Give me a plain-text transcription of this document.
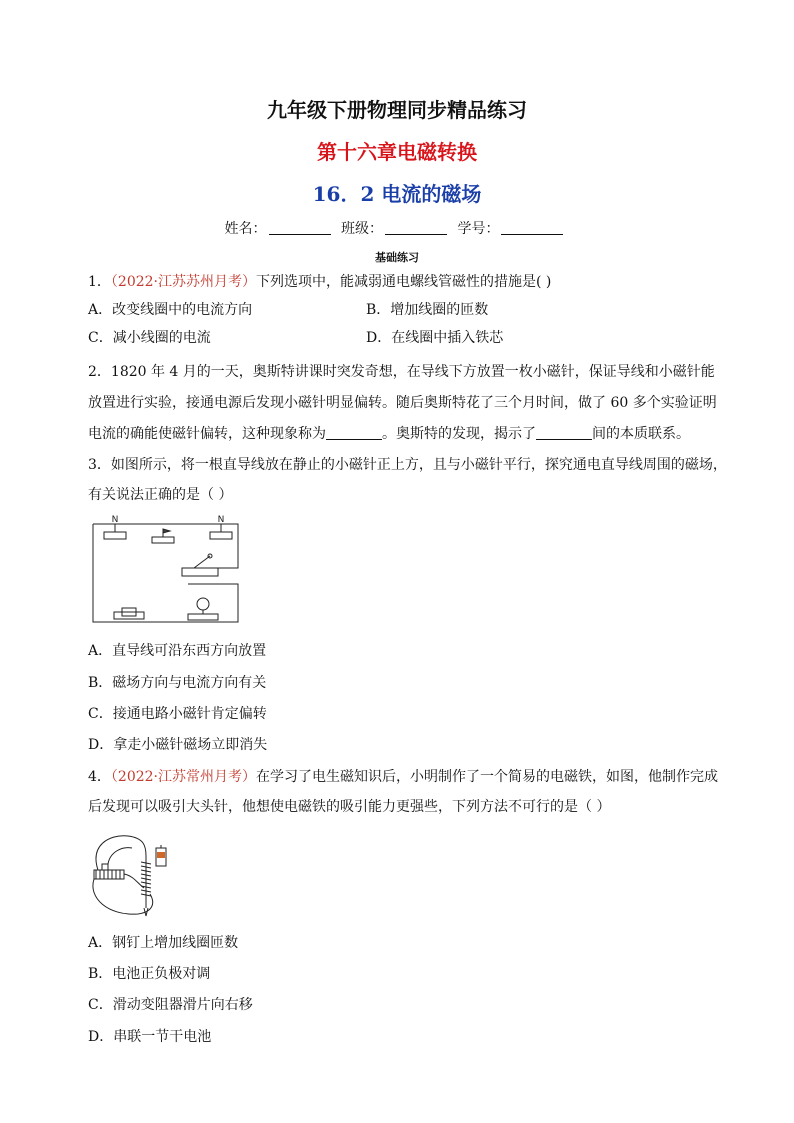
九年级下册物理同步精品练习
第十六章电磁转换
16．2 电流的磁场
姓名：	班级：	学号：
基础练习
1．（2022·江苏苏州月考）下列选项中，能减弱通电螺线管磁性的措施是( )
A．改变线圈中的电流方向	B．增加线圈的匝数
C．减小线圈的电流	D．在线圈中插入铁芯
2．1820 年 4 月的一天，奥斯特讲课时突发奇想，在导线下方放置一枚小磁针，保证导线和小磁针能
放置进行实验，接通电源后发现小磁针明显偏转。随后奥斯特花了三个月时间，做了 60 多个实验证明
电流的确能使磁针偏转，这种现象称为	。奥斯特的发现，揭示了	间的本质联系。
3．如图所示，将一根直导线放在静止的小磁针正上方，且与小磁针平行，探究通电直导线周围的磁场，
有关说法正确的是（ ）
N	N
A．直导线可沿东西方向放置
B．磁场方向与电流方向有关
C．接通电路小磁针肯定偏转
D．拿走小磁针磁场立即消失
4．（2022·江苏常州月考）在学习了电生磁知识后，小明制作了一个简易的电磁铁，如图，他制作完成
后发现可以吸引大头针，他想使电磁铁的吸引能力更强些，下列方法不可行的是（ ）
A．钢钉上增加线圈匝数
B．电池正负极对调
C．滑动变阻器滑片向右移
D．串联一节干电池
